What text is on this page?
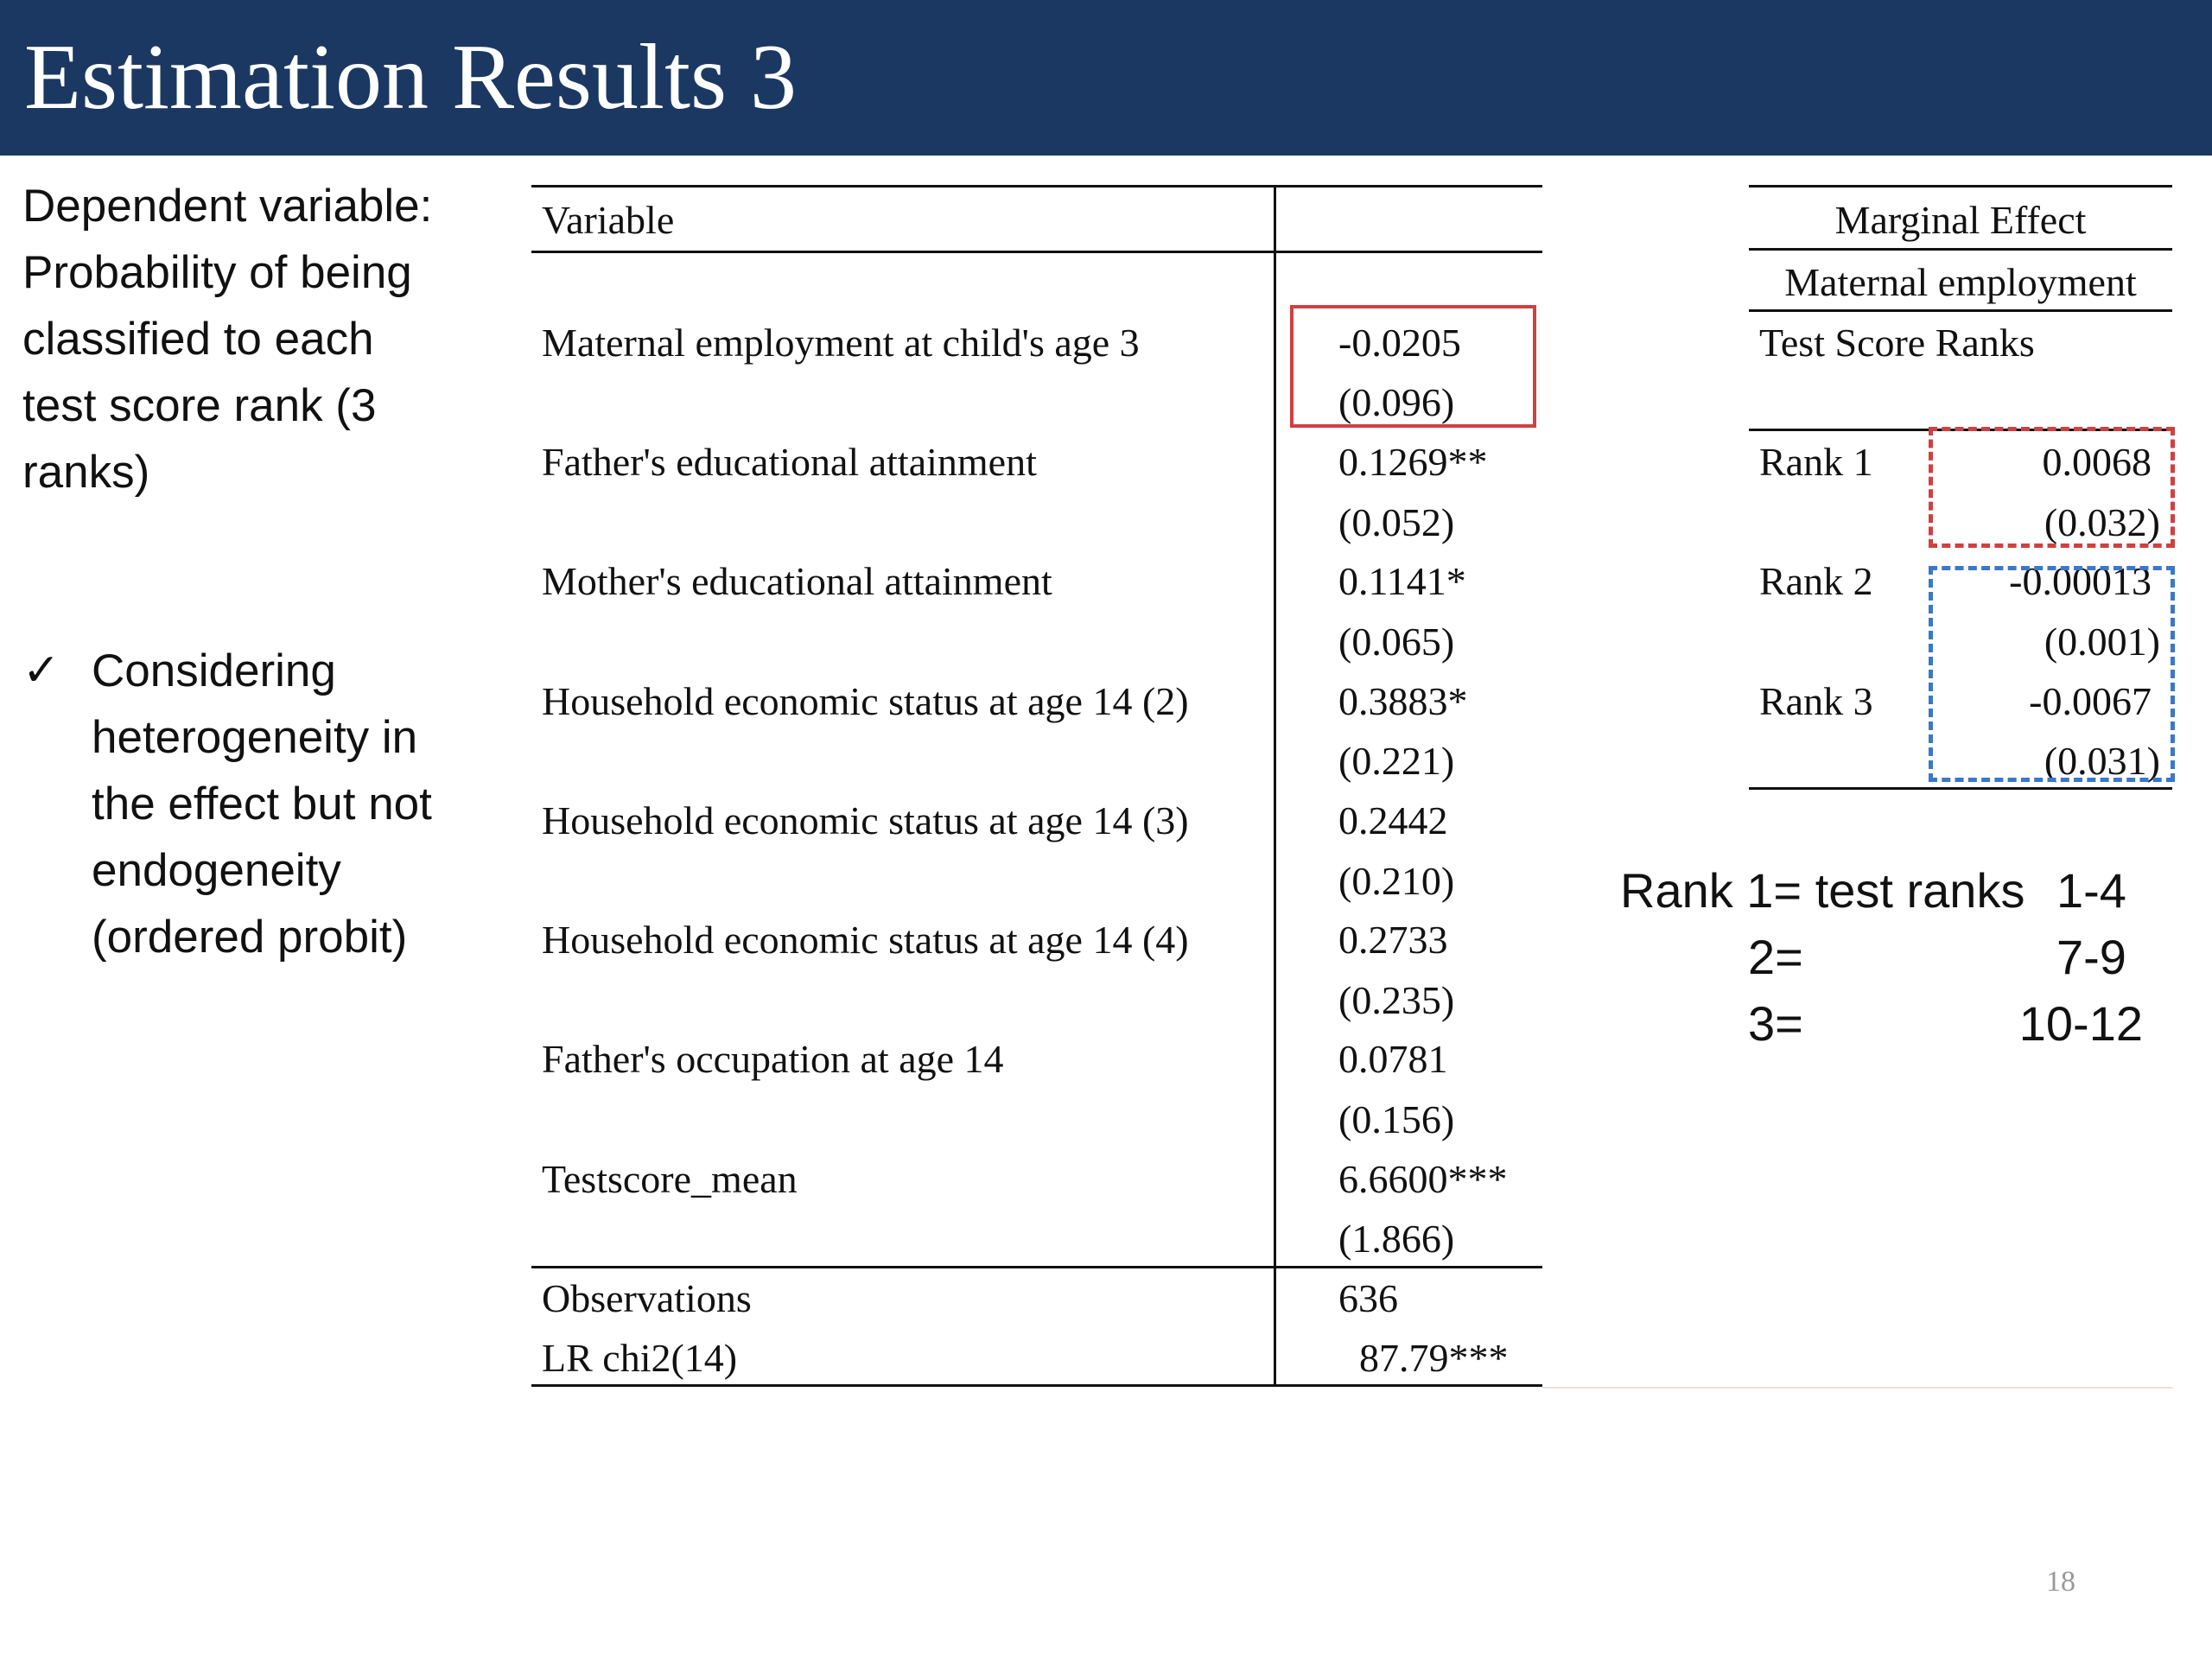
Estimation Results 3
Dependent variable:
Probability of being
classified to each
test score rank (3
ranks)
✓ Considering
heterogeneity in
the effect but not
endogeneity
(ordered probit)
Variable
Maternal employment at child's age 3	-0.0205
(0.096)
Father's educational attainment	0.1269**
(0.052)
Mother's educational attainment	0.1141*
(0.065)
Household economic status at age 14 (2)	0.3883*
(0.221)
Household economic status at age 14 (3)	0.2442
(0.210)
Household economic status at age 14 (4)	0.2733
(0.235)
Father's occupation at age 14	0.0781
(0.156)
Testscore_mean	6.6600***
(1.866)
Observations	636
LR chi2(14)	87.79***
Marginal Effect
Maternal employment
Test Score Ranks
Rank 1	0.0068
(0.032)
Rank 2	-0.00013
(0.001)
Rank 3	-0.0067
(0.031)
Rank 1= test ranks 1-4
2=	7-9
3=	10-12
18
